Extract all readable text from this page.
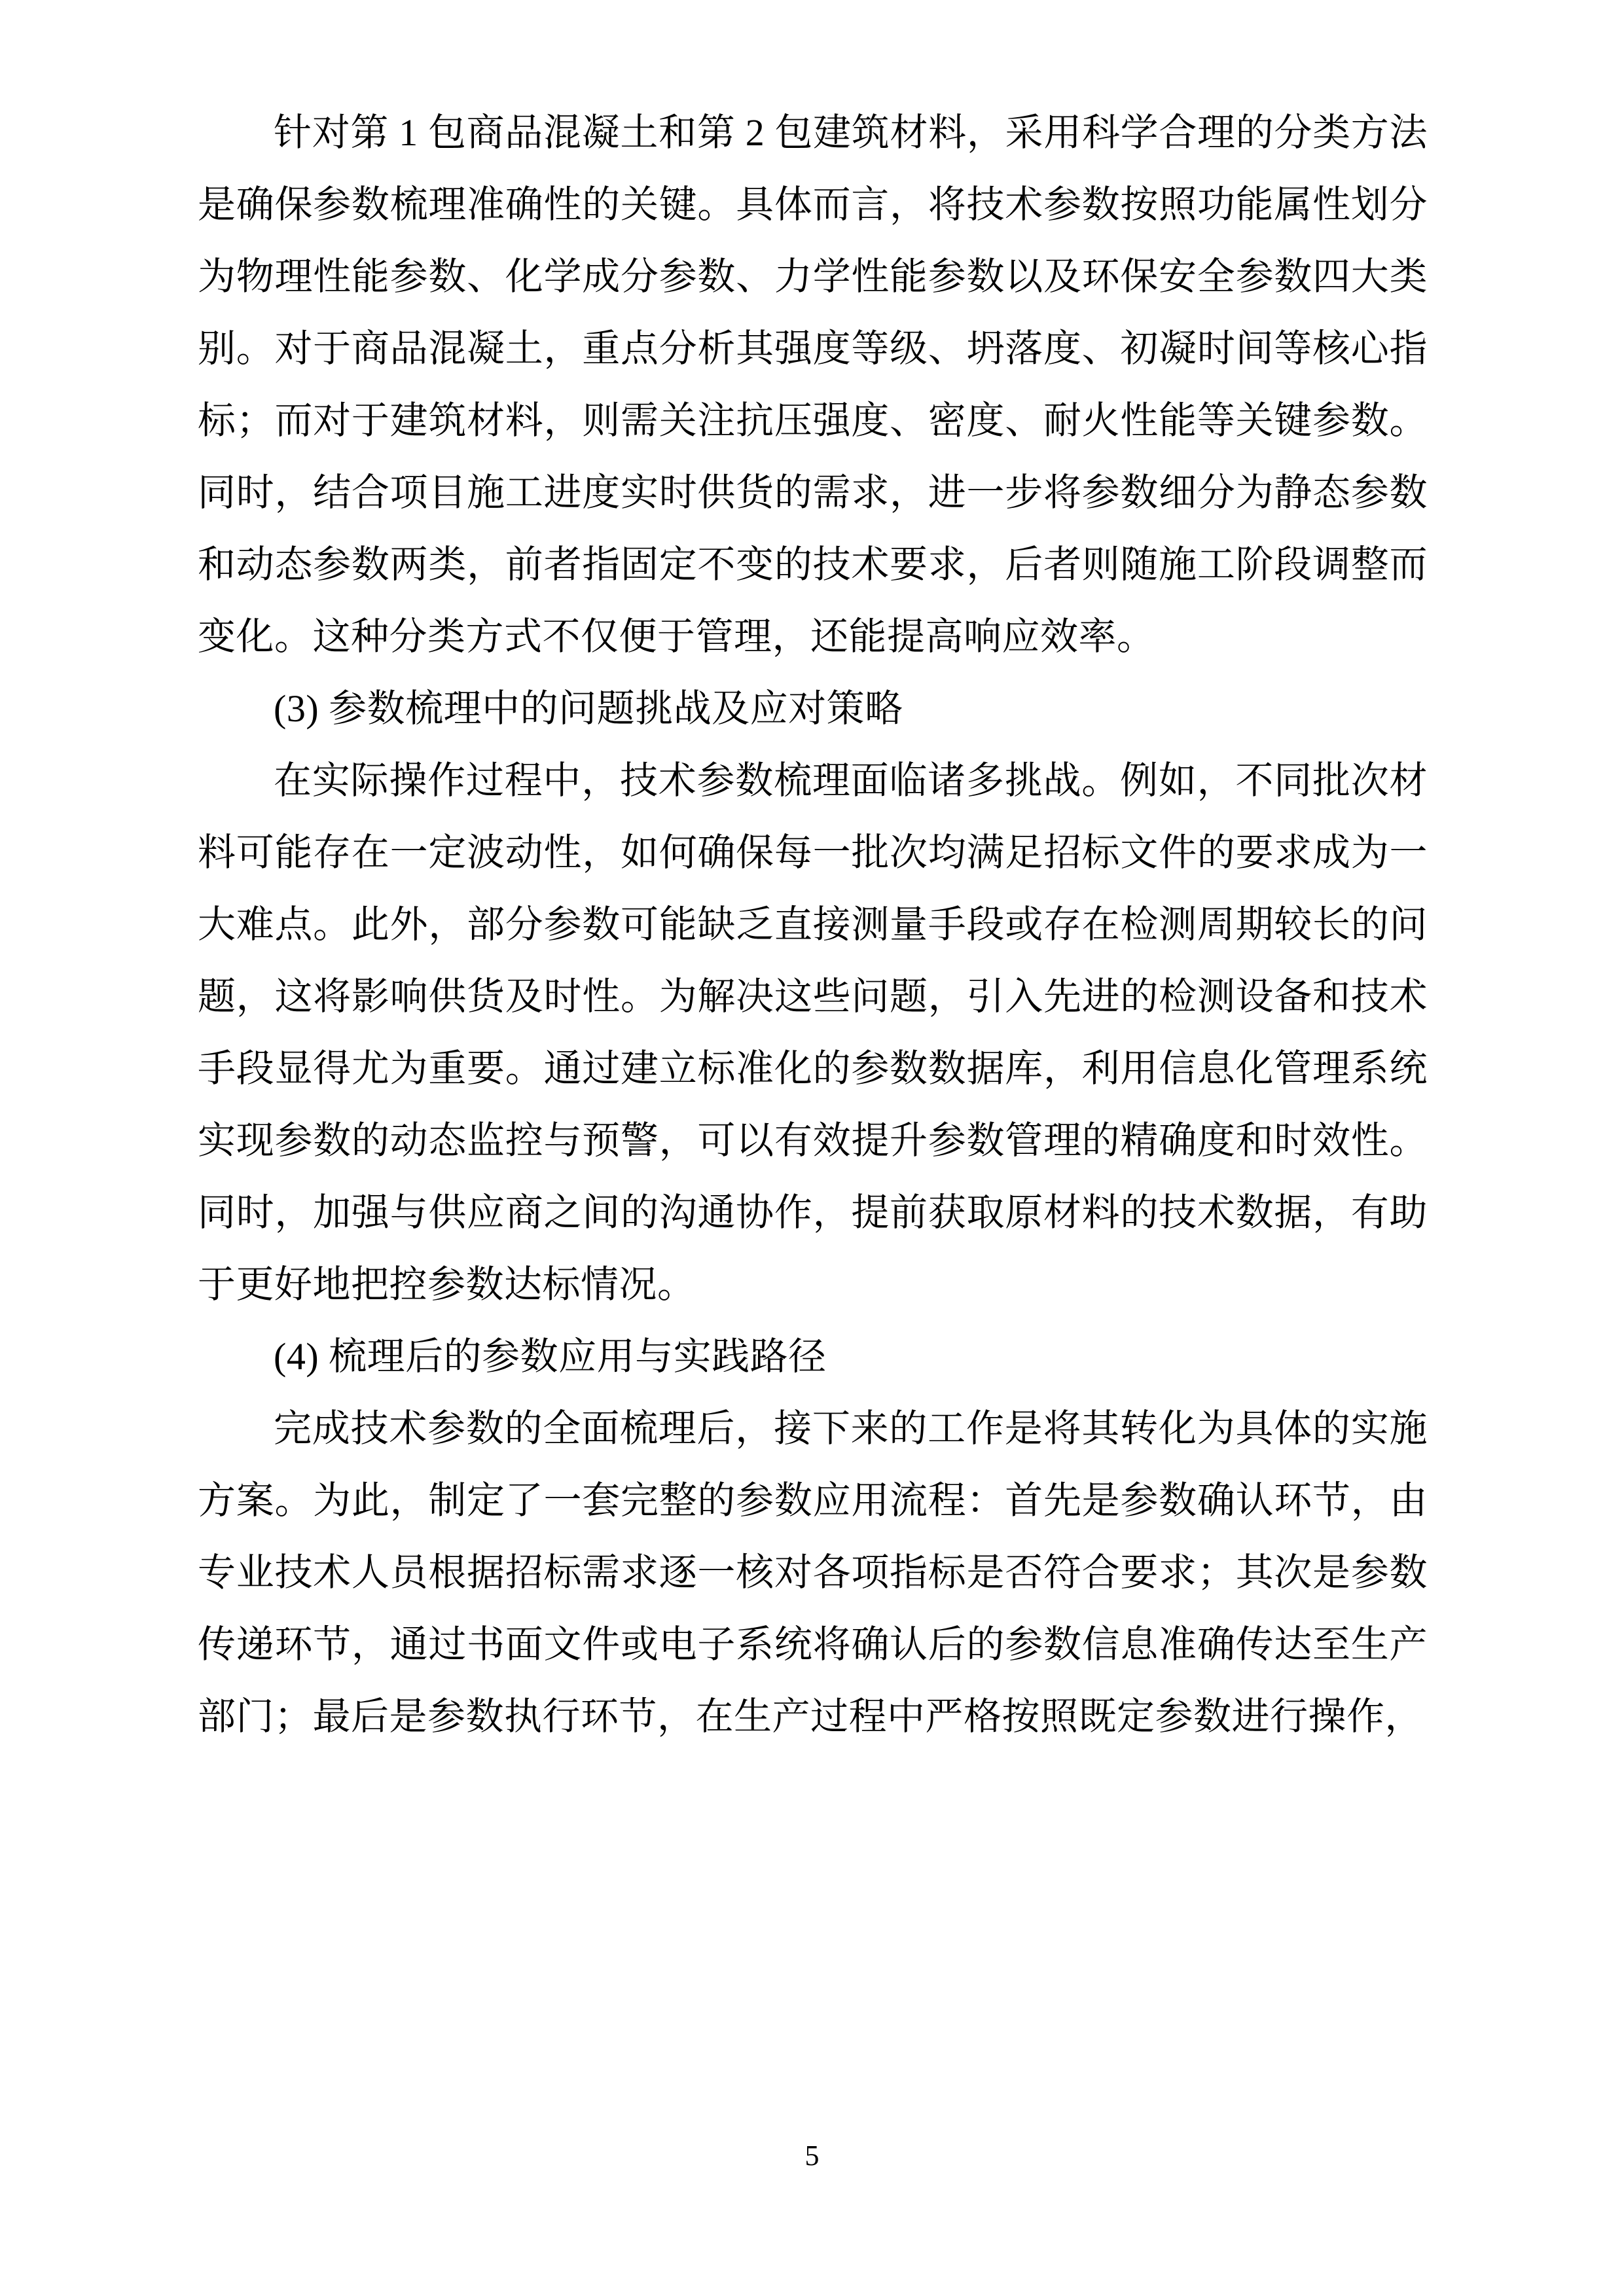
针对第 1 包商品混凝土和第 2 包建筑材料，采用科学合理的分类方法是确保参数梳理准确性的关键。具体而言，将技术参数按照功能属性划分为物理性能参数、化学成分参数、力学性能参数以及环保安全参数四大类别。对于商品混凝土，重点分析其强度等级、坍落度、初凝时间等核心指标；而对于建筑材料，则需关注抗压强度、密度、耐火性能等关键参数。同时，结合项目施工进度实时供货的需求，进一步将参数细分为静态参数和动态参数两类，前者指固定不变的技术要求，后者则随施工阶段调整而变化。这种分类方式不仅便于管理，还能提高响应效率。

(3) 参数梳理中的问题挑战及应对策略

在实际操作过程中，技术参数梳理面临诸多挑战。例如，不同批次材料可能存在一定波动性，如何确保每一批次均满足招标文件的要求成为一大难点。此外，部分参数可能缺乏直接测量手段或存在检测周期较长的问题，这将影响供货及时性。为解决这些问题，引入先进的检测设备和技术手段显得尤为重要。通过建立标准化的参数数据库，利用信息化管理系统实现参数的动态监控与预警，可以有效提升参数管理的精确度和时效性。同时，加强与供应商之间的沟通协作，提前获取原材料的技术数据，有助于更好地把控参数达标情况。

(4) 梳理后的参数应用与实践路径

完成技术参数的全面梳理后，接下来的工作是将其转化为具体的实施方案。为此，制定了一套完整的参数应用流程：首先是参数确认环节，由专业技术人员根据招标需求逐一核对各项指标是否符合要求；其次是参数传递环节，通过书面文件或电子系统将确认后的参数信息准确传达至生产部门；最后是参数执行环节，在生产过程中严格按照既定参数进行操作，

5
